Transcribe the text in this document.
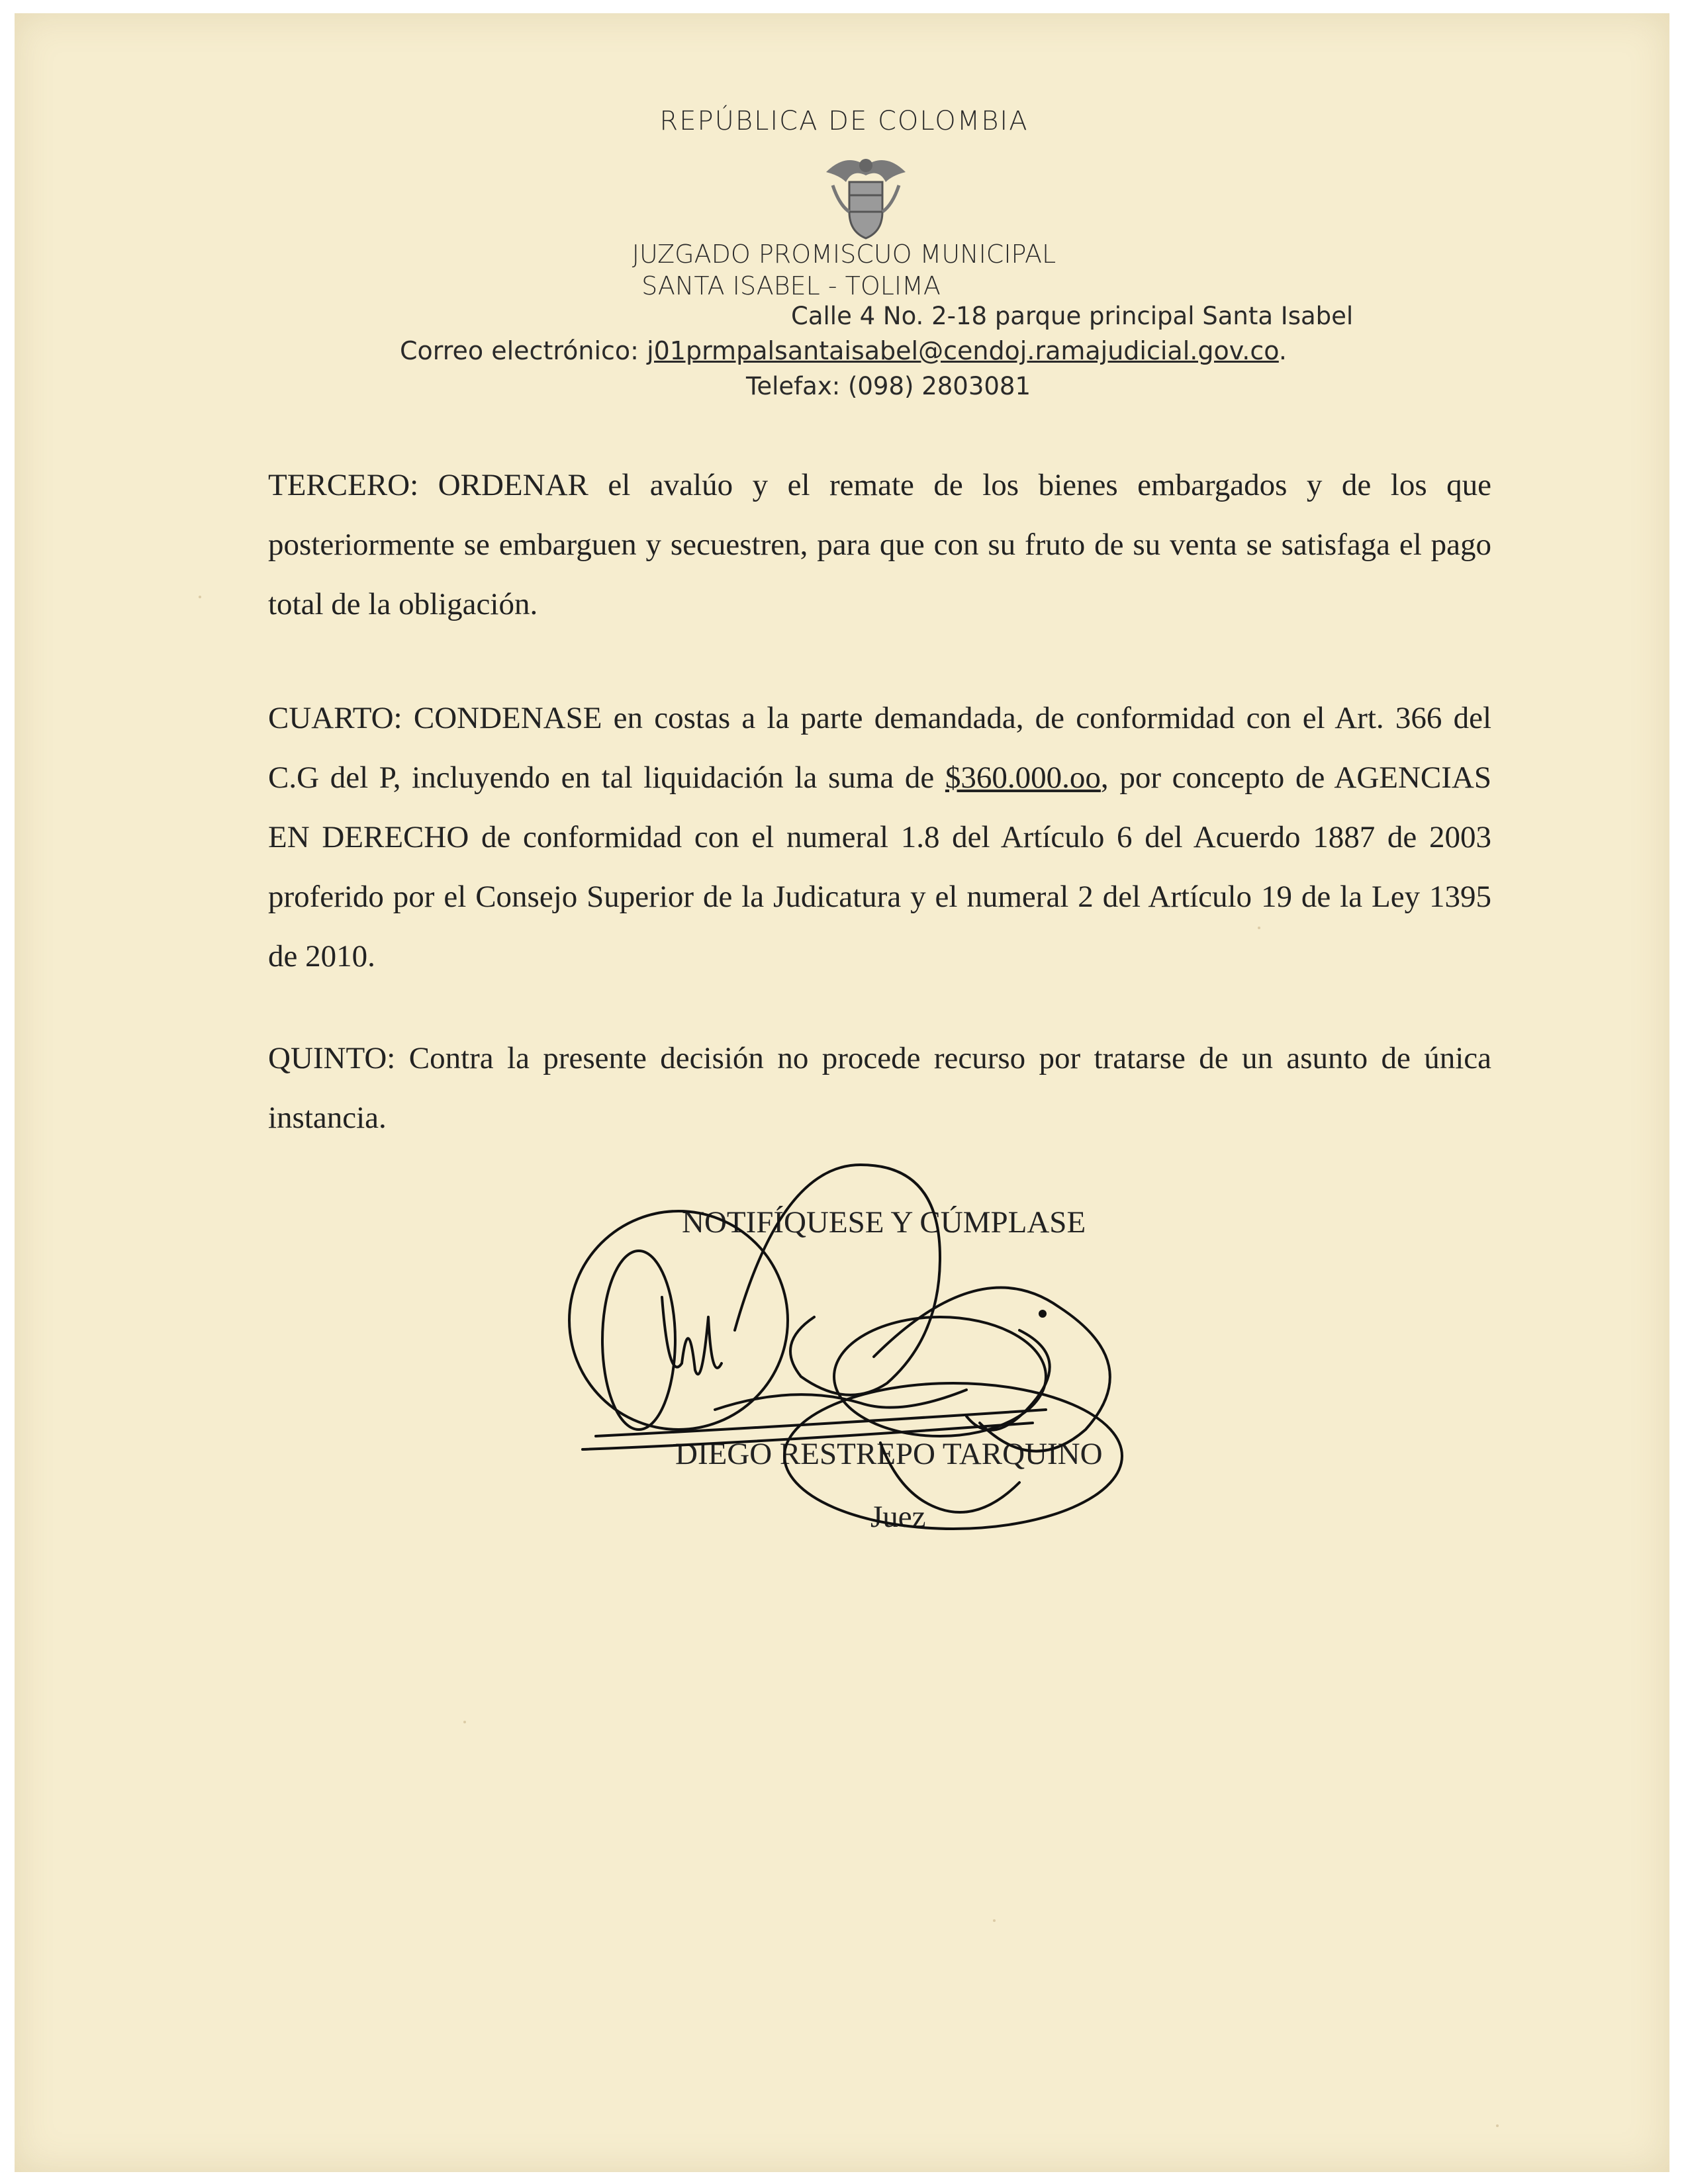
REPÚBLICA DE COLOMBIA
JUZGADO PROMISCUO MUNICIPAL
SANTA ISABEL - TOLIMA
Calle 4 No. 2-18 parque principal Santa Isabel
Correo electrónico: j01prmpalsantaisabel@cendoj.ramajudicial.gov.co.
Telefax: (098) 2803081
TERCERO: ORDENAR el avalúo y el remate de los bienes embargados y de los que posteriormente se embarguen y secuestren, para que con su fruto de su venta se satisfaga el pago total de la obligación.
CUARTO: CONDENASE en costas a la parte demandada, de conformidad con el Art. 366 del C.G del P, incluyendo en tal liquidación la suma de $360.000.oo, por concepto de AGENCIAS EN DERECHO de conformidad con el numeral 1.8 del Artículo 6 del Acuerdo 1887 de 2003 proferido por el Consejo Superior de la Judicatura y el numeral 2 del Artículo 19 de la Ley 1395 de 2010.
QUINTO: Contra la presente decisión no procede recurso por tratarse de un asunto de única instancia.
NOTIFÍQUESE Y CÚMPLASE
DIEGO RESTREPO TARQUINO
Juez
